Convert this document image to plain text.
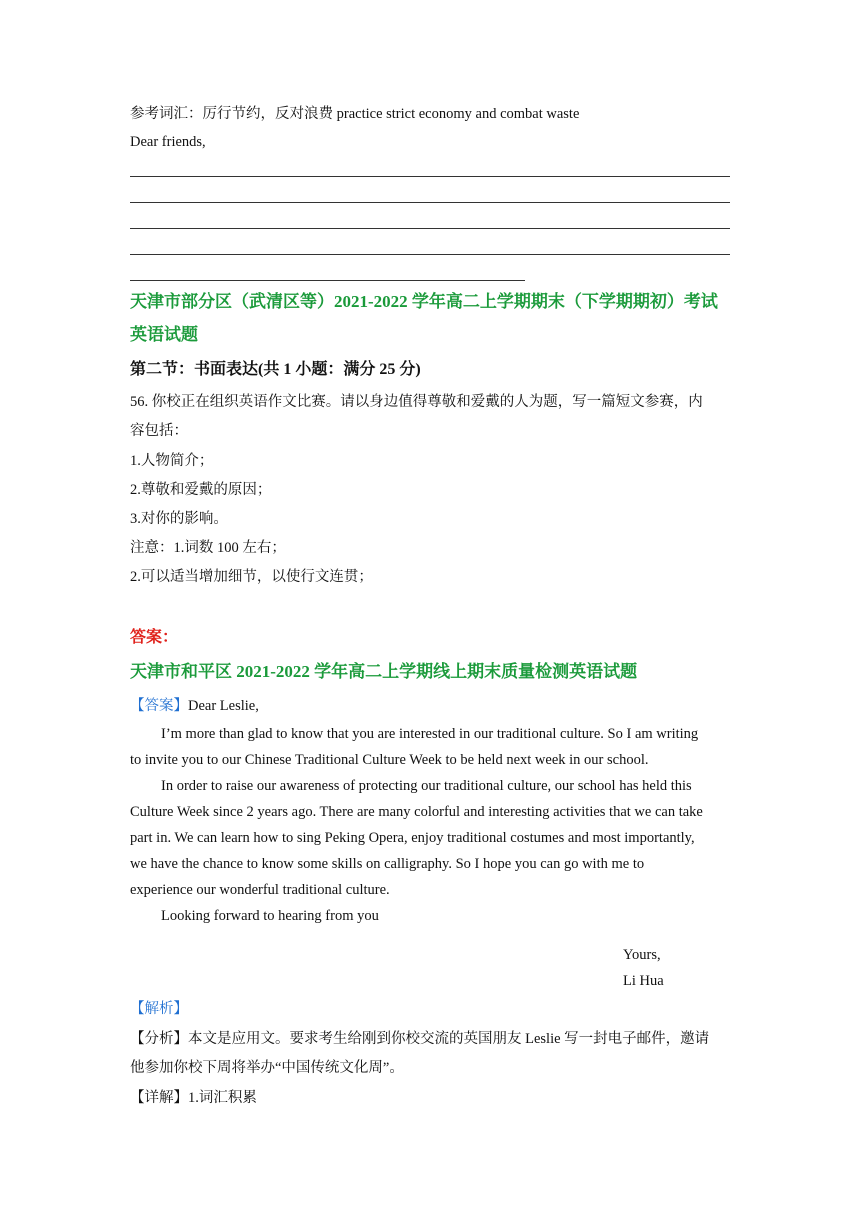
参考词汇：厉行节约，反对浪费 practice strict economy and combat waste
Dear friends,
天津市部分区（武清区等）2021-2022 学年高二上学期期末（下学期期初）考试
英语试题
第二节：书面表达(共 1 小题：满分 25 分)
56. 你校正在组织英语作文比赛。请以身边值得尊敬和爱戴的人为题，写一篇短文参赛，内
容包括：
1.人物简介；
2.尊敬和爱戴的原因；
3.对你的影响。
注意：1.词数 100 左右；
2.可以适当增加细节，以使行文连贯；
答案：
天津市和平区 2021-2022 学年高二上学期线上期末质量检测英语试题
【答案】Dear Leslie,
I’m more than glad to know that you are interested in our traditional culture. So I am writing
to invite you to our Chinese Traditional Culture Week to be held next week in our school.
In order to raise our awareness of protecting our traditional culture, our school has held this
Culture Week since 2 years ago. There are many colorful and interesting activities that we can take
part in. We can learn how to sing Peking Opera, enjoy traditional costumes and most importantly,
we have the chance to know some skills on calligraphy. So I hope you can go with me to
experience our wonderful traditional culture.
Looking forward to hearing from you
Yours,
Li Hua
【解析】
【分析】本文是应用文。要求考生给刚到你校交流的英国朋友 Leslie 写一封电子邮件，邀请
他参加你校下周将举办“中国传统文化周”。
【详解】1.词汇积累
